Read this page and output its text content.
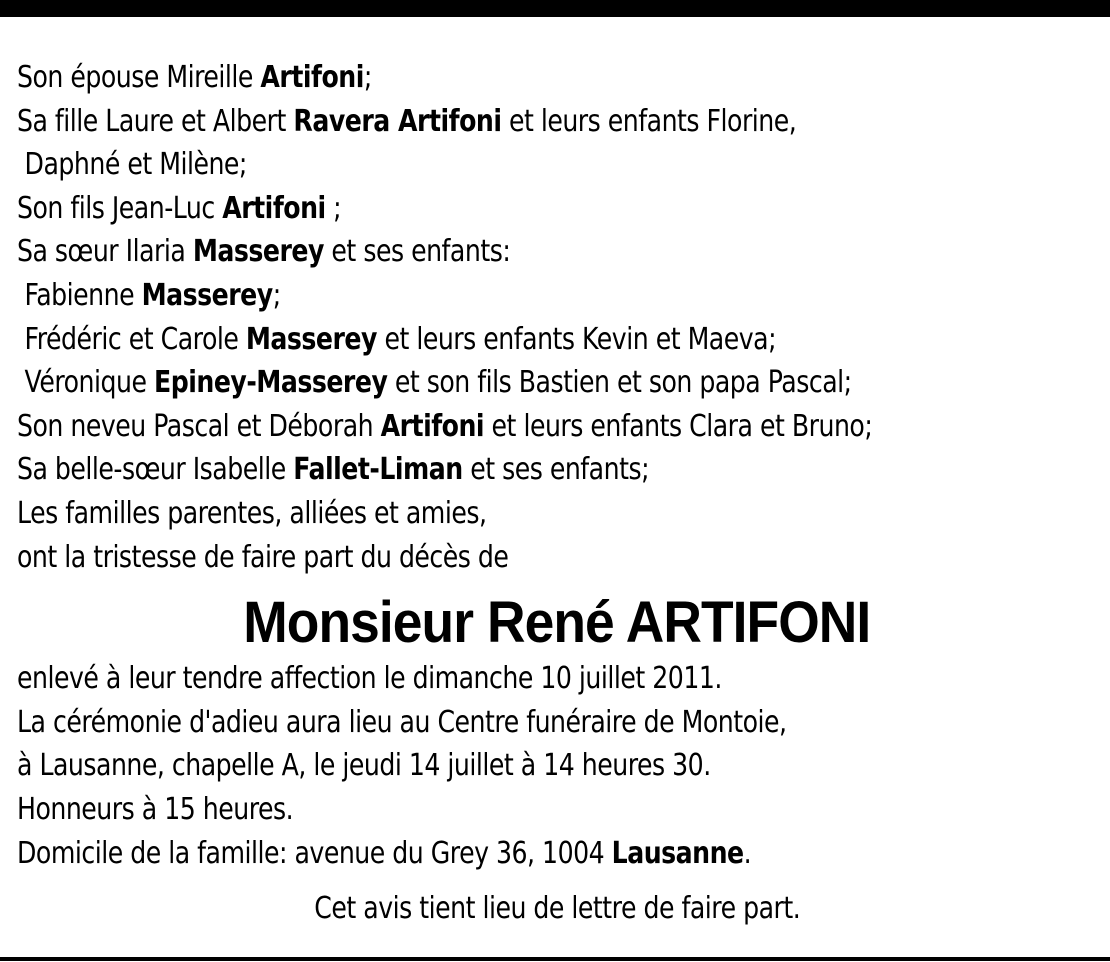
Son épouse Mireille Artifoni;
Sa fille Laure et Albert Ravera Artifoni et leurs enfants Florine,
Daphné et Milène;
Son fils Jean-Luc Artifoni ;
Sa sœur Ilaria Masserey et ses enfants:
Fabienne Masserey;
Frédéric et Carole Masserey et leurs enfants Kevin et Maeva;
Véronique Epiney-Masserey et son fils Bastien et son papa Pascal;
Son neveu Pascal et Déborah Artifoni et leurs enfants Clara et Bruno;
Sa belle-sœur Isabelle Fallet-Liman et ses enfants;
Les familles parentes, alliées et amies,
ont la tristesse de faire part du décès de
Monsieur René ARTIFONI
enlevé à leur tendre affection le dimanche 10 juillet 2011.
La cérémonie d'adieu aura lieu au Centre funéraire de Montoie,
à Lausanne, chapelle A, le jeudi 14 juillet à 14 heures 30.
Honneurs à 15 heures.
Domicile de la famille: avenue du Grey 36, 1004 Lausanne.
Cet avis tient lieu de lettre de faire part.
